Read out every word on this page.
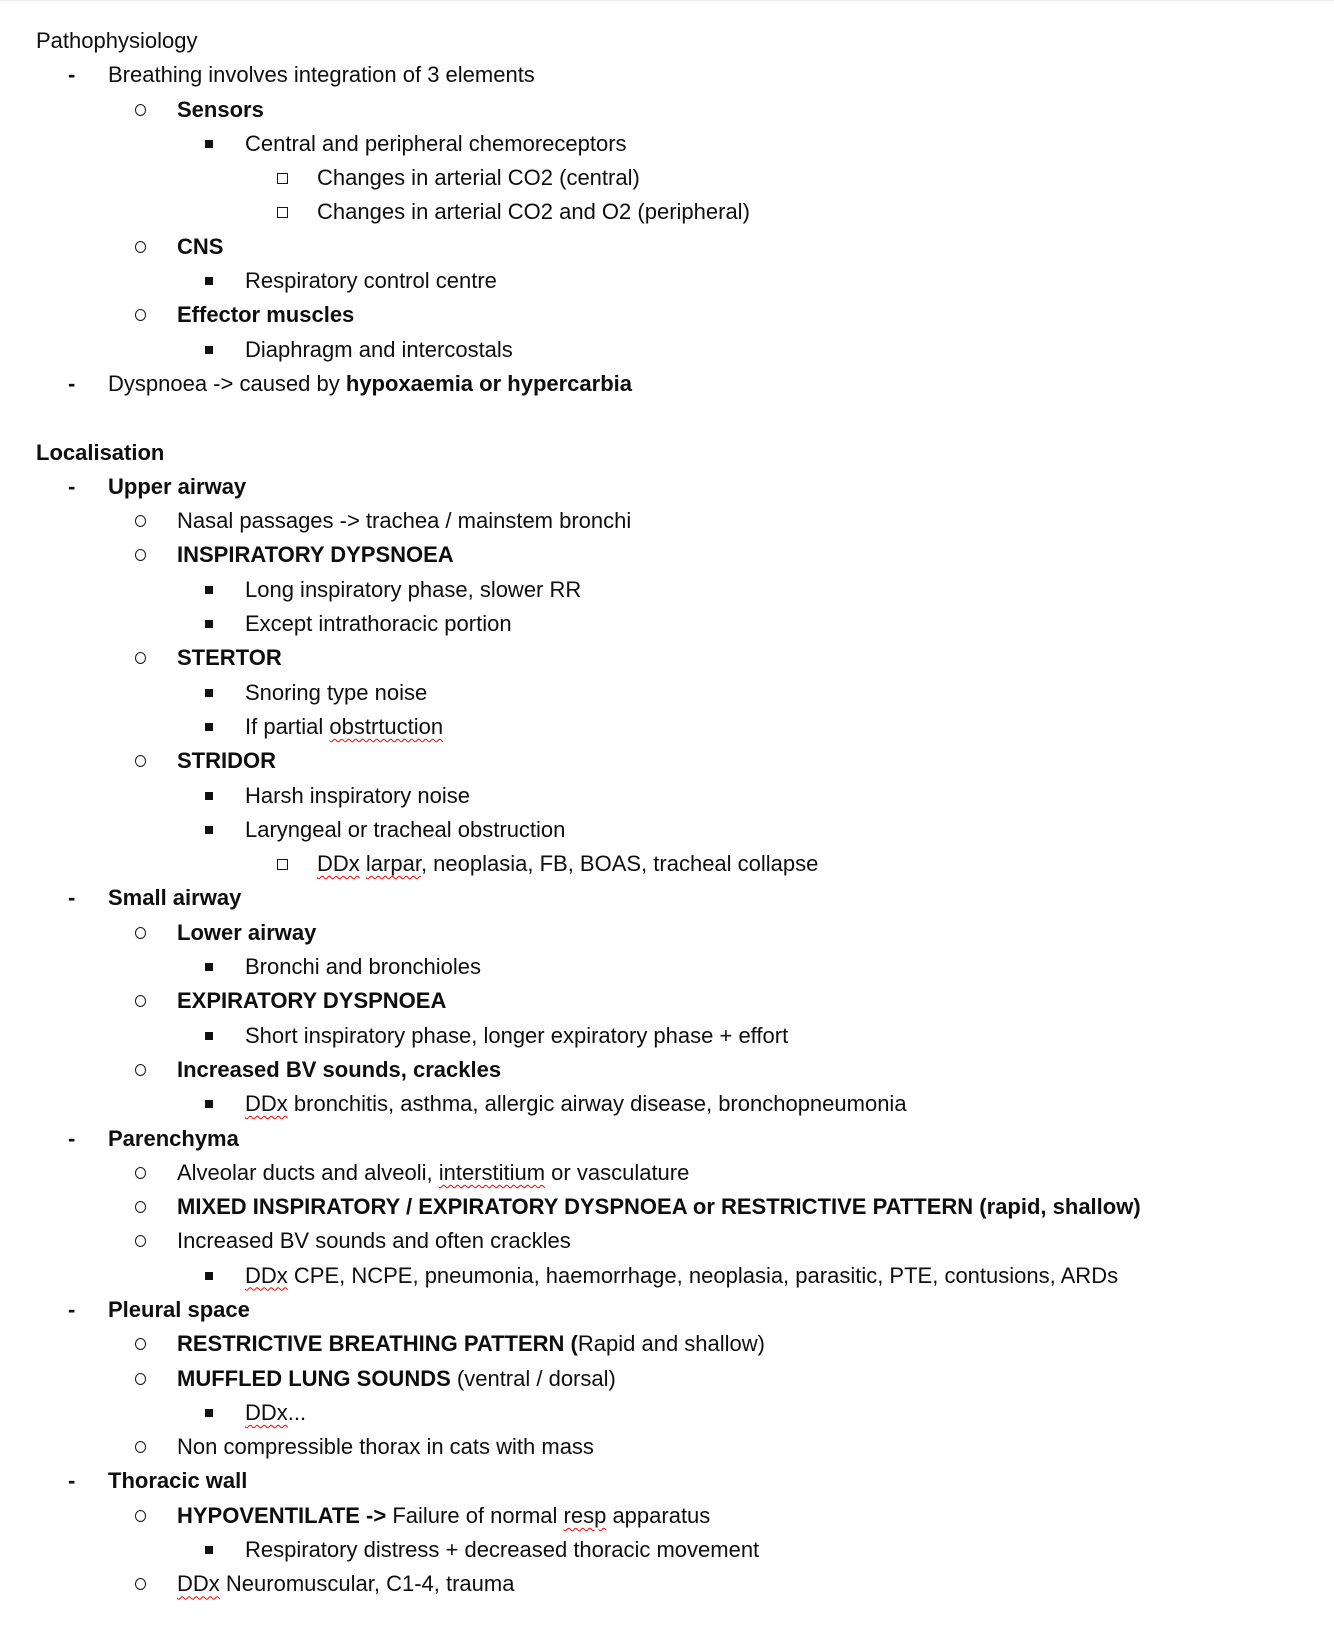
Pathophysiology
- Breathing involves integration of 3 elements
Sensors
Central and peripheral chemoreceptors
Changes in arterial CO2 (central)
Changes in arterial CO2 and O2 (peripheral)
CNS
Respiratory control centre
Effector muscles
Diaphragm and intercostals
- Dyspnoea -> caused by hypoxaemia or hypercarbia
Localisation
- Upper airway
Nasal passages -> trachea / mainstem bronchi
INSPIRATORY DYPSNOEA
Long inspiratory phase, slower RR
Except intrathoracic portion
STERTOR
Snoring type noise
If partial obstrtuction
STRIDOR
Harsh inspiratory noise
Laryngeal or tracheal obstruction
DDx larpar, neoplasia, FB, BOAS, tracheal collapse
- Small airway
Lower airway
Bronchi and bronchioles
EXPIRATORY DYSPNOEA
Short inspiratory phase, longer expiratory phase + effort
Increased BV sounds, crackles
DDx bronchitis, asthma, allergic airway disease, bronchopneumonia
- Parenchyma
Alveolar ducts and alveoli, interstitium or vasculature
MIXED INSPIRATORY / EXPIRATORY DYSPNOEA or RESTRICTIVE PATTERN (rapid, shallow)
Increased BV sounds and often crackles
DDx CPE, NCPE, pneumonia, haemorrhage, neoplasia, parasitic, PTE, contusions, ARDs
- Pleural space
RESTRICTIVE BREATHING PATTERN (Rapid and shallow)
MUFFLED LUNG SOUNDS (ventral / dorsal)
DDx...
Non compressible thorax in cats with mass
- Thoracic wall
HYPOVENTILATE -> Failure of normal resp apparatus
Respiratory distress + decreased thoracic movement
DDx Neuromuscular, C1-4, trauma
